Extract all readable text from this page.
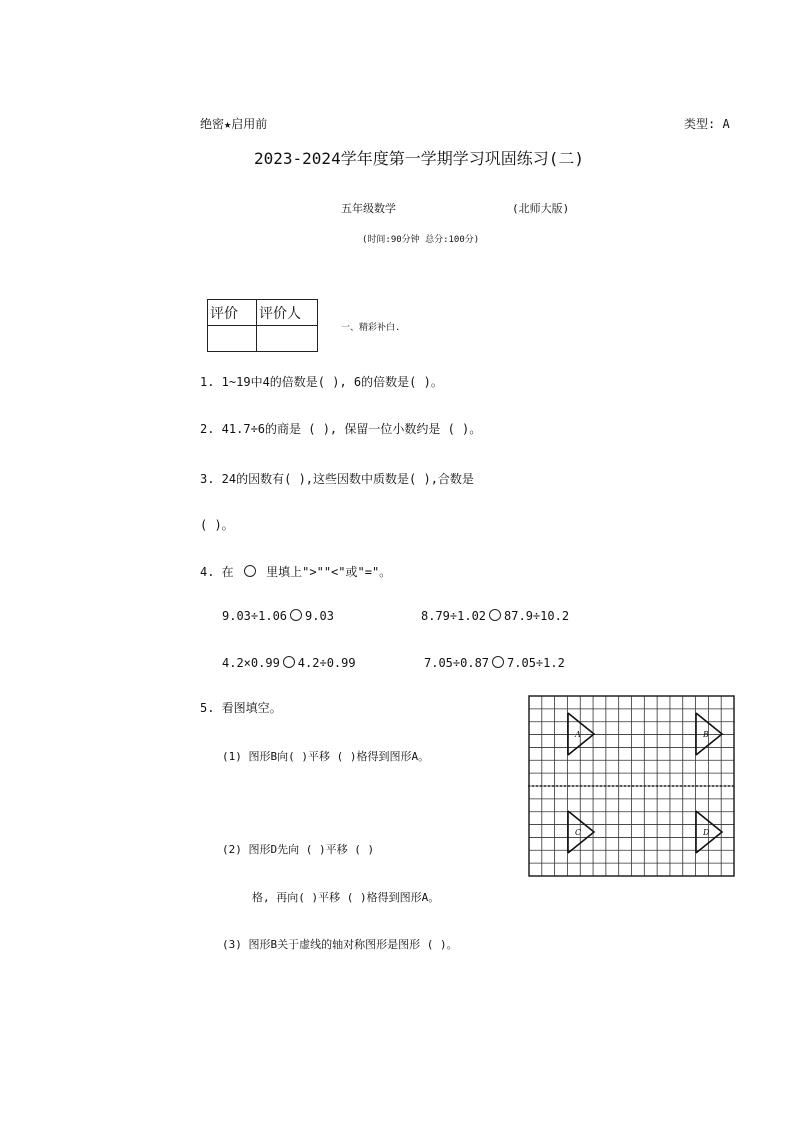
绝密★启用前	类型: A
2023-2024学年度第一学期学习巩固练习(二)
五年级数学	(北师大版)
(时间:90分钟 总分:100分)
评价	评价人

一、精彩补白.
1. 1~19中4的倍数是( ), 6的倍数是( )。
2. 41.7÷6的商是 ( ), 保留一位小数约是 ( )。
3. 24的因数有( ),这些因数中质数是( ),合数是
( )。
4. 在	里填上">""<"或"="。
9.03÷1.06 9.03	8.79÷1.02 87.9÷10.2
4.2×0.99 4.2÷0.99	7.05÷0.87 7.05÷1.2
5. 看图填空。
(1) 图形B向( )平移 ( )格得到图形A。
(2) 图形D先向 ( )平移 ( )
格, 再向( )平移 ( )格得到图形A。
(3) 图形B关于虚线的轴对称图形是图形 ( )。
A	B
C	D
